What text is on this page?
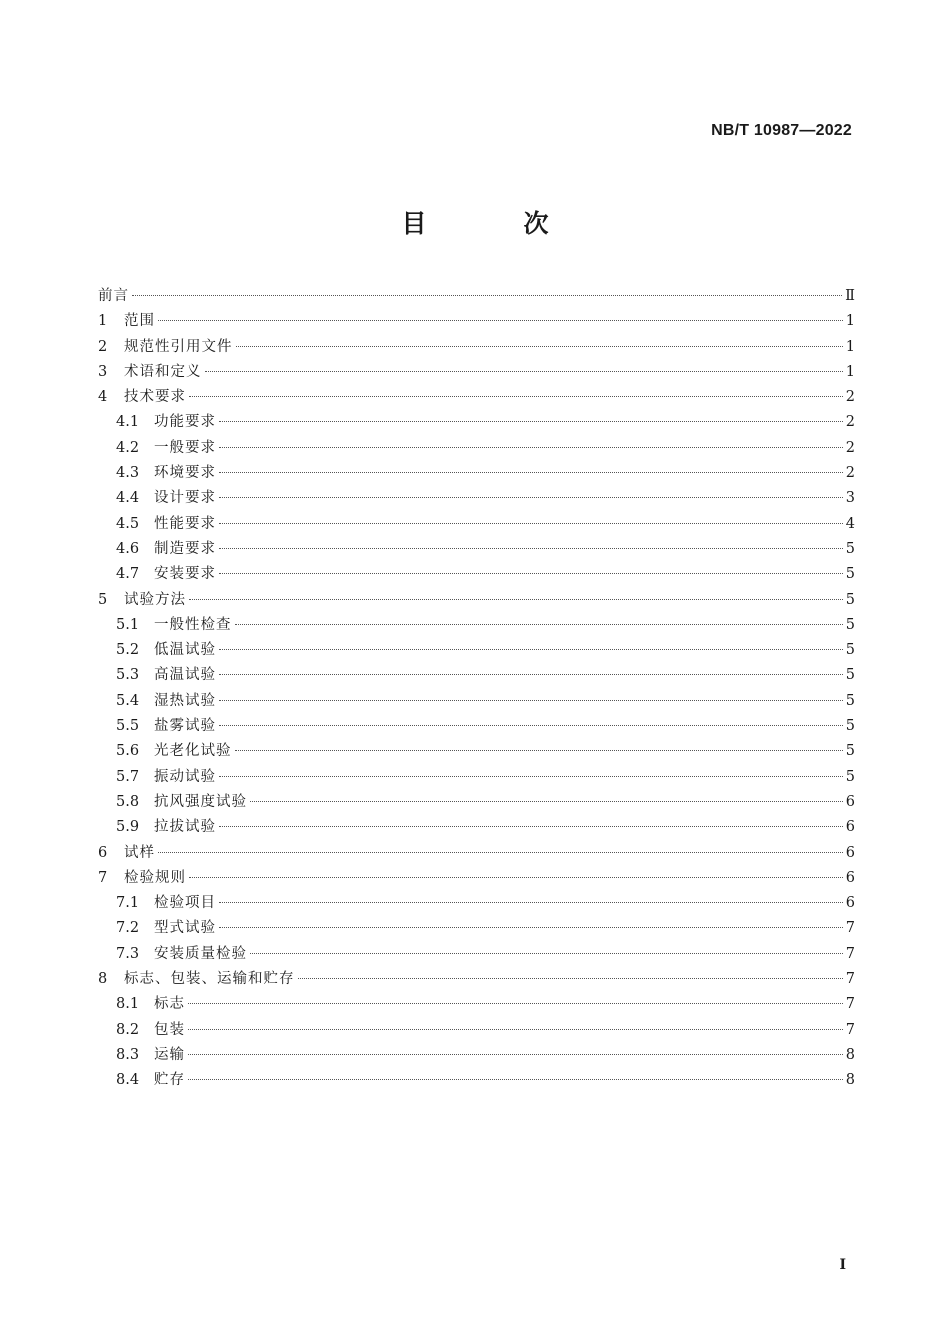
NB/T 10987—2022
目　次
前言	Ⅱ
1	范围	1
2	规范性引用文件	1
3	术语和定义	1
4	技术要求	2
4.1	功能要求	2
4.2	一般要求	2
4.3	环境要求	2
4.4	设计要求	3
4.5	性能要求	4
4.6	制造要求	5
4.7	安装要求	5
5	试验方法	5
5.1	一般性检查	5
5.2	低温试验	5
5.3	高温试验	5
5.4	湿热试验	5
5.5	盐雾试验	5
5.6	光老化试验	5
5.7	振动试验	5
5.8	抗风强度试验	6
5.9	拉拔试验	6
6	试样	6
7	检验规则	6
7.1	检验项目	6
7.2	型式试验	7
7.3	安装质量检验	7
8	标志、包装、运输和贮存	7
8.1	标志	7
8.2	包装	7
8.3	运输	8
8.4	贮存	8
I
